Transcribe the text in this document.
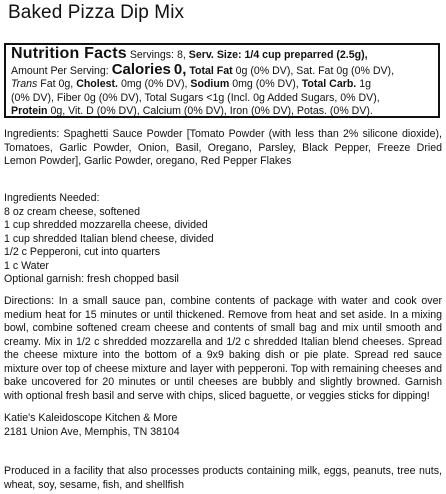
Baked Pizza Dip Mix
Nutrition Facts Servings: 8, Serv. Size: 1/4 cup preparred (2.5g),
Amount Per Serving: Calories 0, Total Fat 0g (0% DV), Sat. Fat 0g (0% DV),
Trans Fat 0g, Cholest. 0mg (0% DV), Sodium 0mg (0% DV), Total Carb. 1g
(0% DV), Fiber 0g (0% DV), Total Sugars <1g (Incl. 0g Added Sugars, 0% DV),
Protein 0g, Vit. D (0% DV), Calcium (0% DV), Iron (0% DV), Potas. (0% DV).
Ingredients: Spaghetti Sauce Powder [Tomato Powder (with less than 2% silicone dioxide), Tomatoes, Garlic Powder, Onion, Basil, Oregano, Parsley, Black Pepper, Freeze Dried Lemon Powder], Garlic Powder, oregano, Red Pepper Flakes
Ingredients Needed:
8 oz cream cheese, softened
1 cup shredded mozzarella cheese, divided
1 cup shredded Italian blend cheese, divided
1/2 c Pepperoni, cut into quarters
1 c Water
Optional garnish: fresh chopped basil
Directions: In a small sauce pan, combine contents of package with water and cook over medium heat for 15 minutes or until thickened. Remove from heat and set aside. In a mixing bowl, combine softened cream cheese and contents of small bag and mix until smooth and creamy. Mix in 1/2 c shredded mozzarella and 1/2 c shredded Italian blend cheeses. Spread the cheese mixture into the bottom of a 9x9 baking dish or pie plate. Spread red sauce mixture over top of cheese mixture and layer with pepperoni. Top with remaining cheeses and bake uncovered for 20 minutes or until cheeses are bubbly and slightly browned. Garnish with optional fresh basil and serve with chips, sliced baguette, or veggies sticks for dipping!
Katie's Kaleidoscope Kitchen & More
2181 Union Ave, Memphis, TN 38104
Produced in a facility that also processes products containing milk, eggs, peanuts, tree nuts, wheat, soy, sesame, fish, and shellfish
